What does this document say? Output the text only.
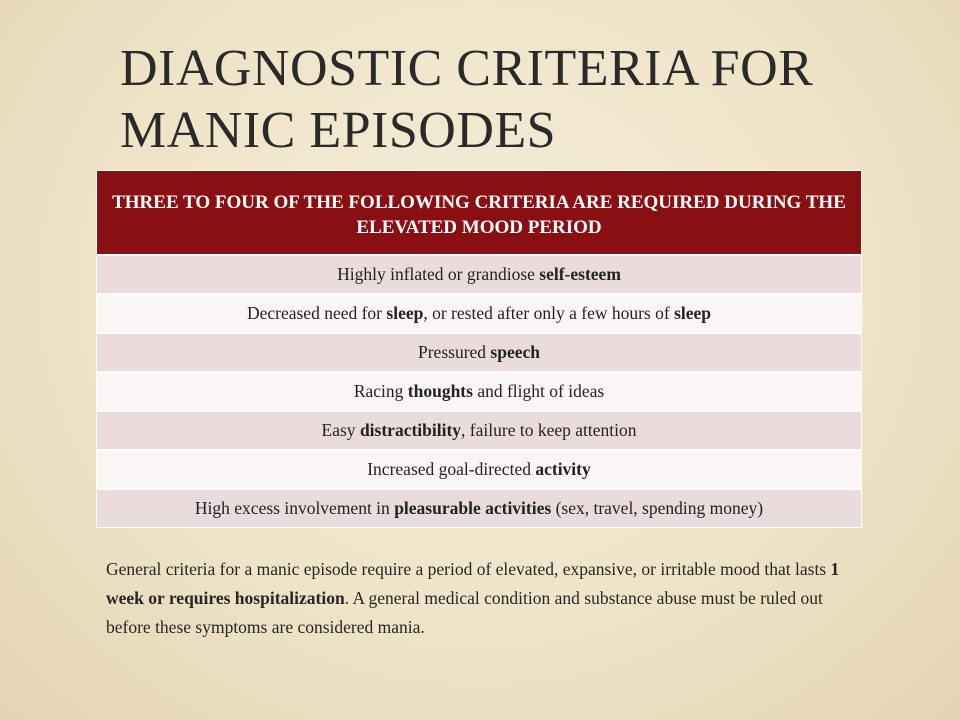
DIAGNOSTIC CRITERIA FOR MANIC EPISODES
THREE TO FOUR OF THE FOLLOWING CRITERIA ARE REQUIRED DURING THE ELEVATED MOOD PERIOD
Highly inflated or grandiose self-esteem
Decreased need for sleep, or rested after only a few hours of sleep
Pressured speech
Racing thoughts and flight of ideas
Easy distractibility, failure to keep attention
Increased goal-directed activity
High excess involvement in pleasurable activities (sex, travel, spending money)
General criteria for a manic episode require a period of elevated, expansive, or irritable mood that lasts 1 week or requires hospitalization. A general medical condition and substance abuse must be ruled out before these symptoms are considered mania.
